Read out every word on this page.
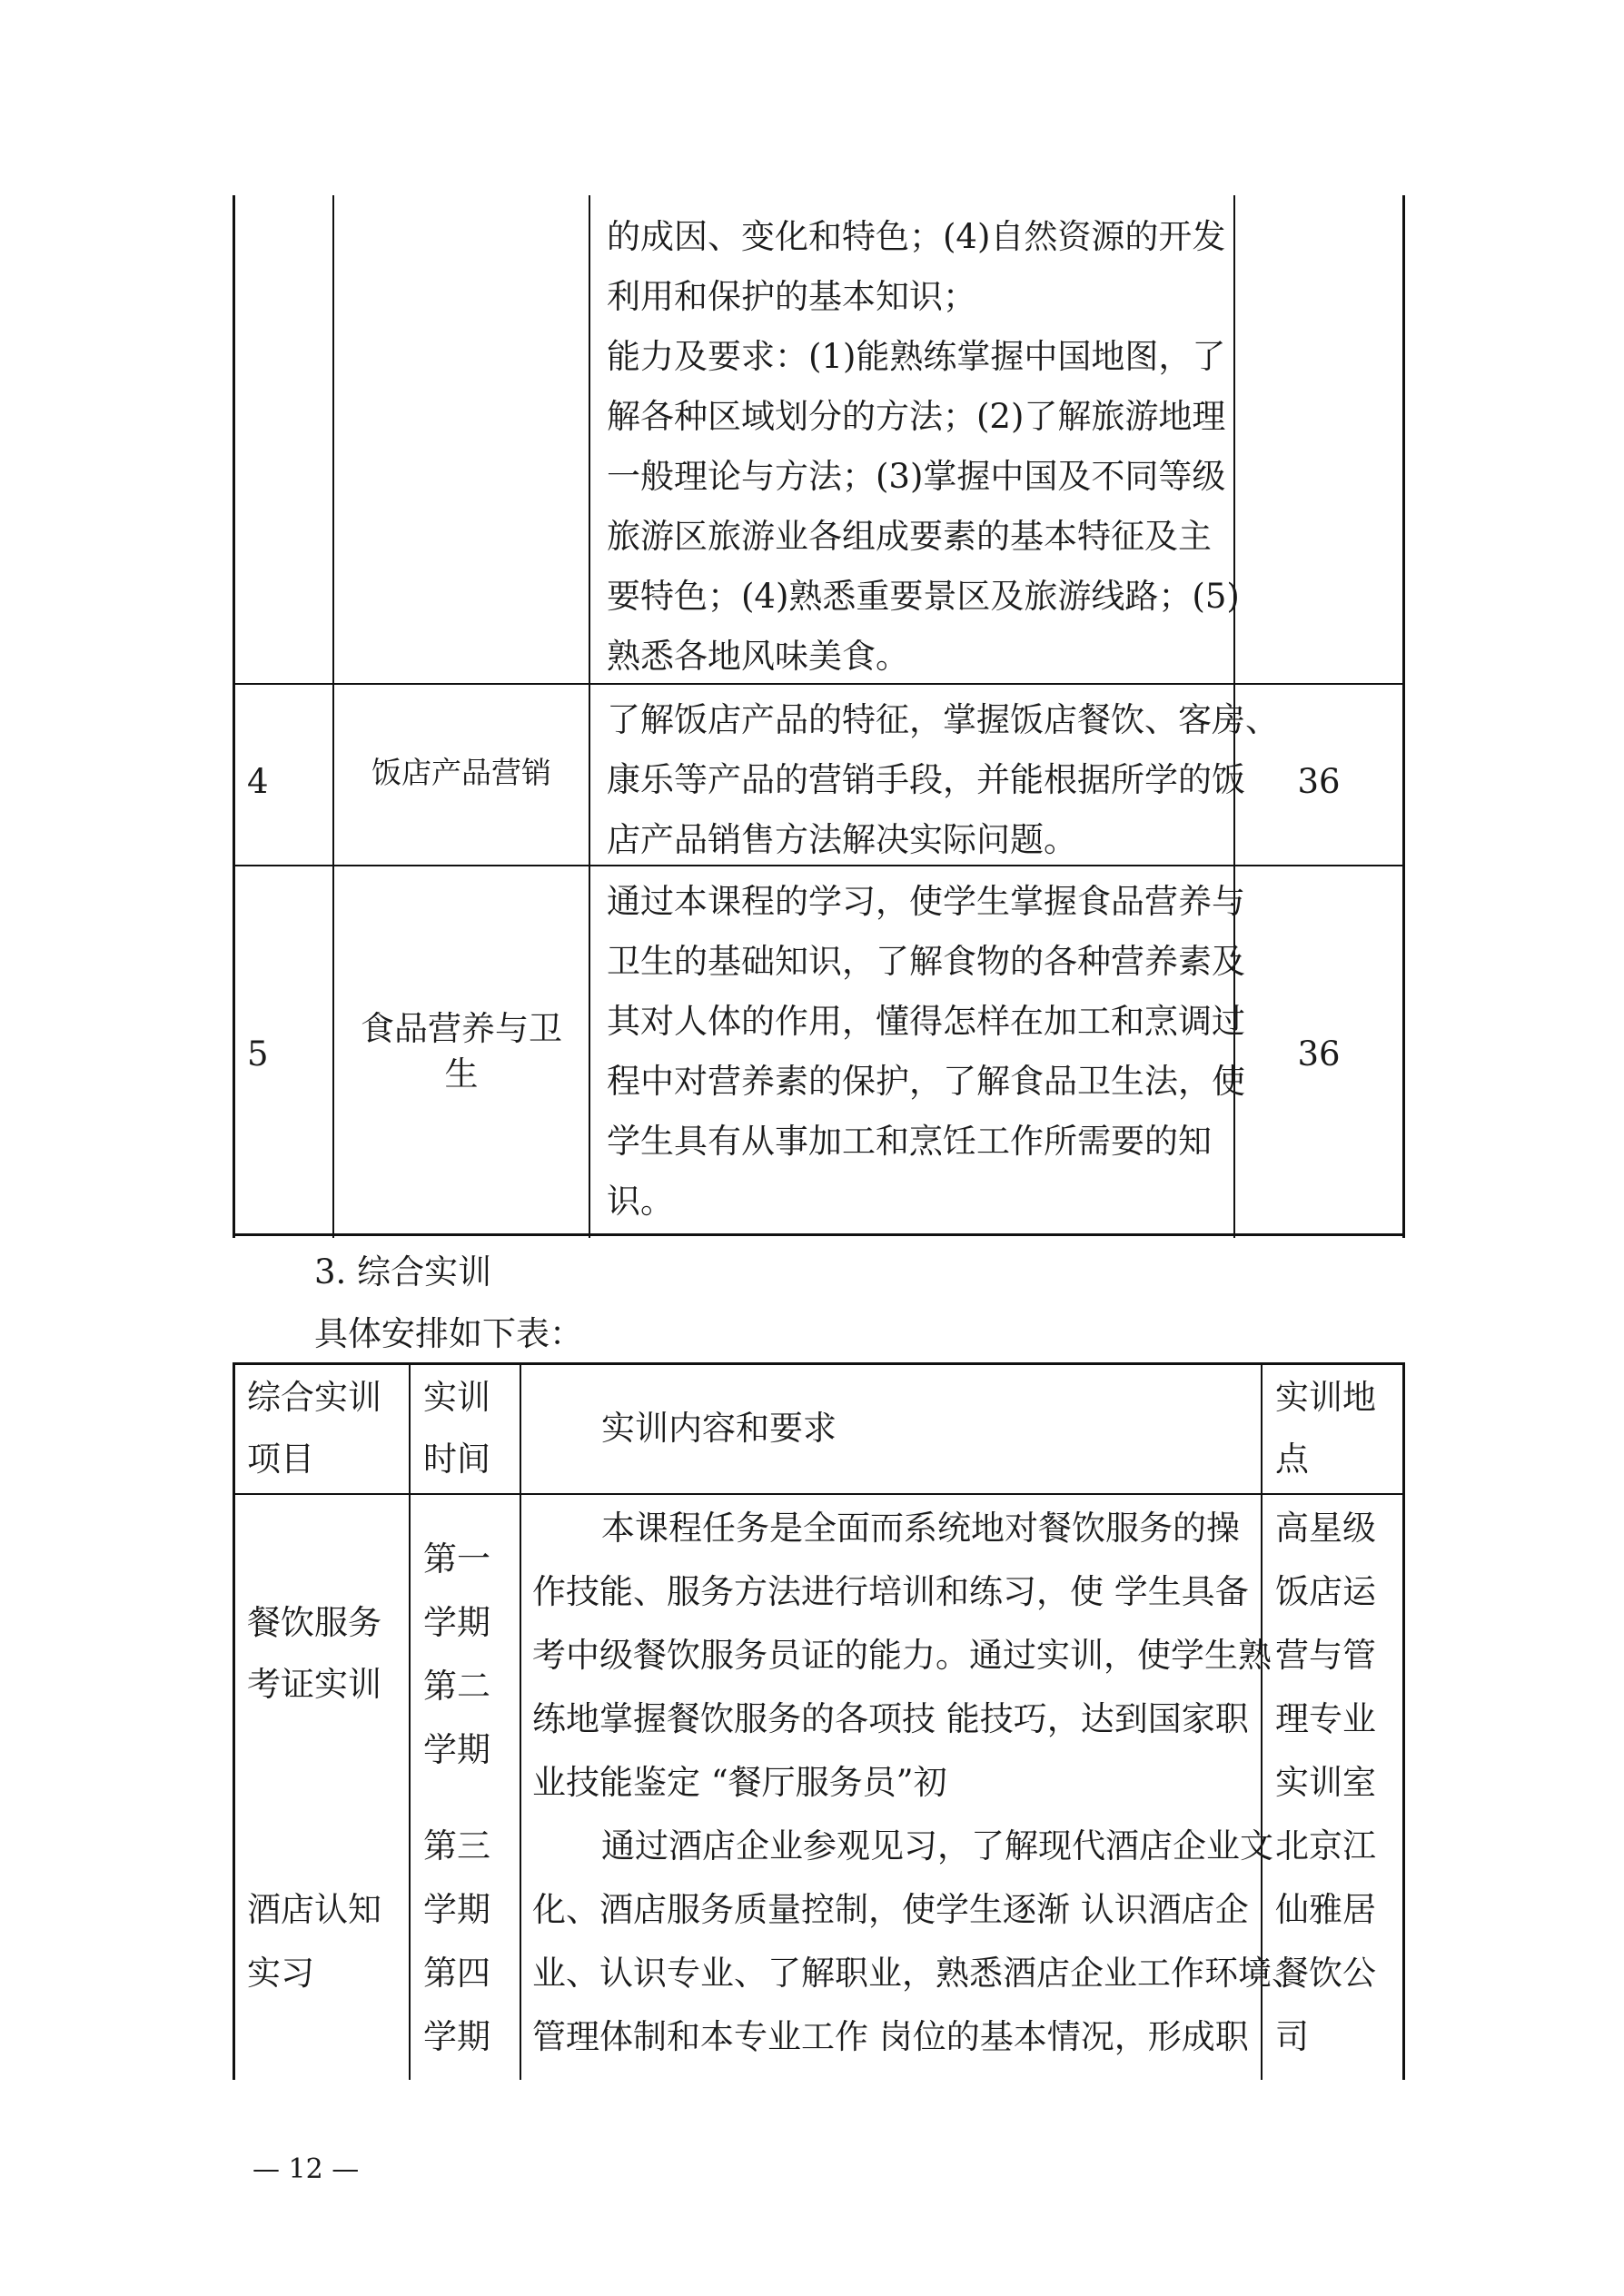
的成因、变化和特色；(4)自然资源的开发
利用和保护的基本知识；
能力及要求：(1)能熟练掌握中国地图，了
解各种区域划分的方法；(2)了解旅游地理
一般理论与方法；(3)掌握中国及不同等级
旅游区旅游业各组成要素的基本特征及主
要特色；(4)熟悉重要景区及旅游线路；(5)
熟悉各地风味美食。
4	饭店产品营销
了解饭店产品的特征，掌握饭店餐饮、客房、
康乐等产品的营销手段，并能根据所学的饭
店产品销售方法解决实际问题。
36
5
食品营养与卫
生
通过本课程的学习，使学生掌握食品营养与
卫生的基础知识，了解食物的各种营养素及
其对人体的作用，懂得怎样在加工和烹调过
程中对营养素的保护，了解食品卫生法，使
学生具有从事加工和烹饪工作所需要的知
识。
36
3. 综合实训
具体安排如下表：
综合实训
项目
实训
时间
实训内容和要求
实训地
点
餐饮服务
考证实训
第一
学期
第二
学期
本课程任务是全面而系统地对餐饮服务的操
作技能、服务方法进行培训和练习，使 学生具备
考中级餐饮服务员证的能力。通过实训，使学生熟
练地掌握餐饮服务的各项技 能技巧，达到国家职
业技能鉴定 “餐厅服务员”初
高星级
饭店运
营与管
理专业
实训室
酒店认知
实习
第三
学期
第四
学期
通过酒店企业参观见习，了解现代酒店企业文
化、酒店服务质量控制，使学生逐渐 认识酒店企
业、认识专业、了解职业，熟悉酒店企业工作环境、
管理体制和本专业工作 岗位的基本情况，形成职
北京江
仙雅居
餐饮公
司
— 12 —
